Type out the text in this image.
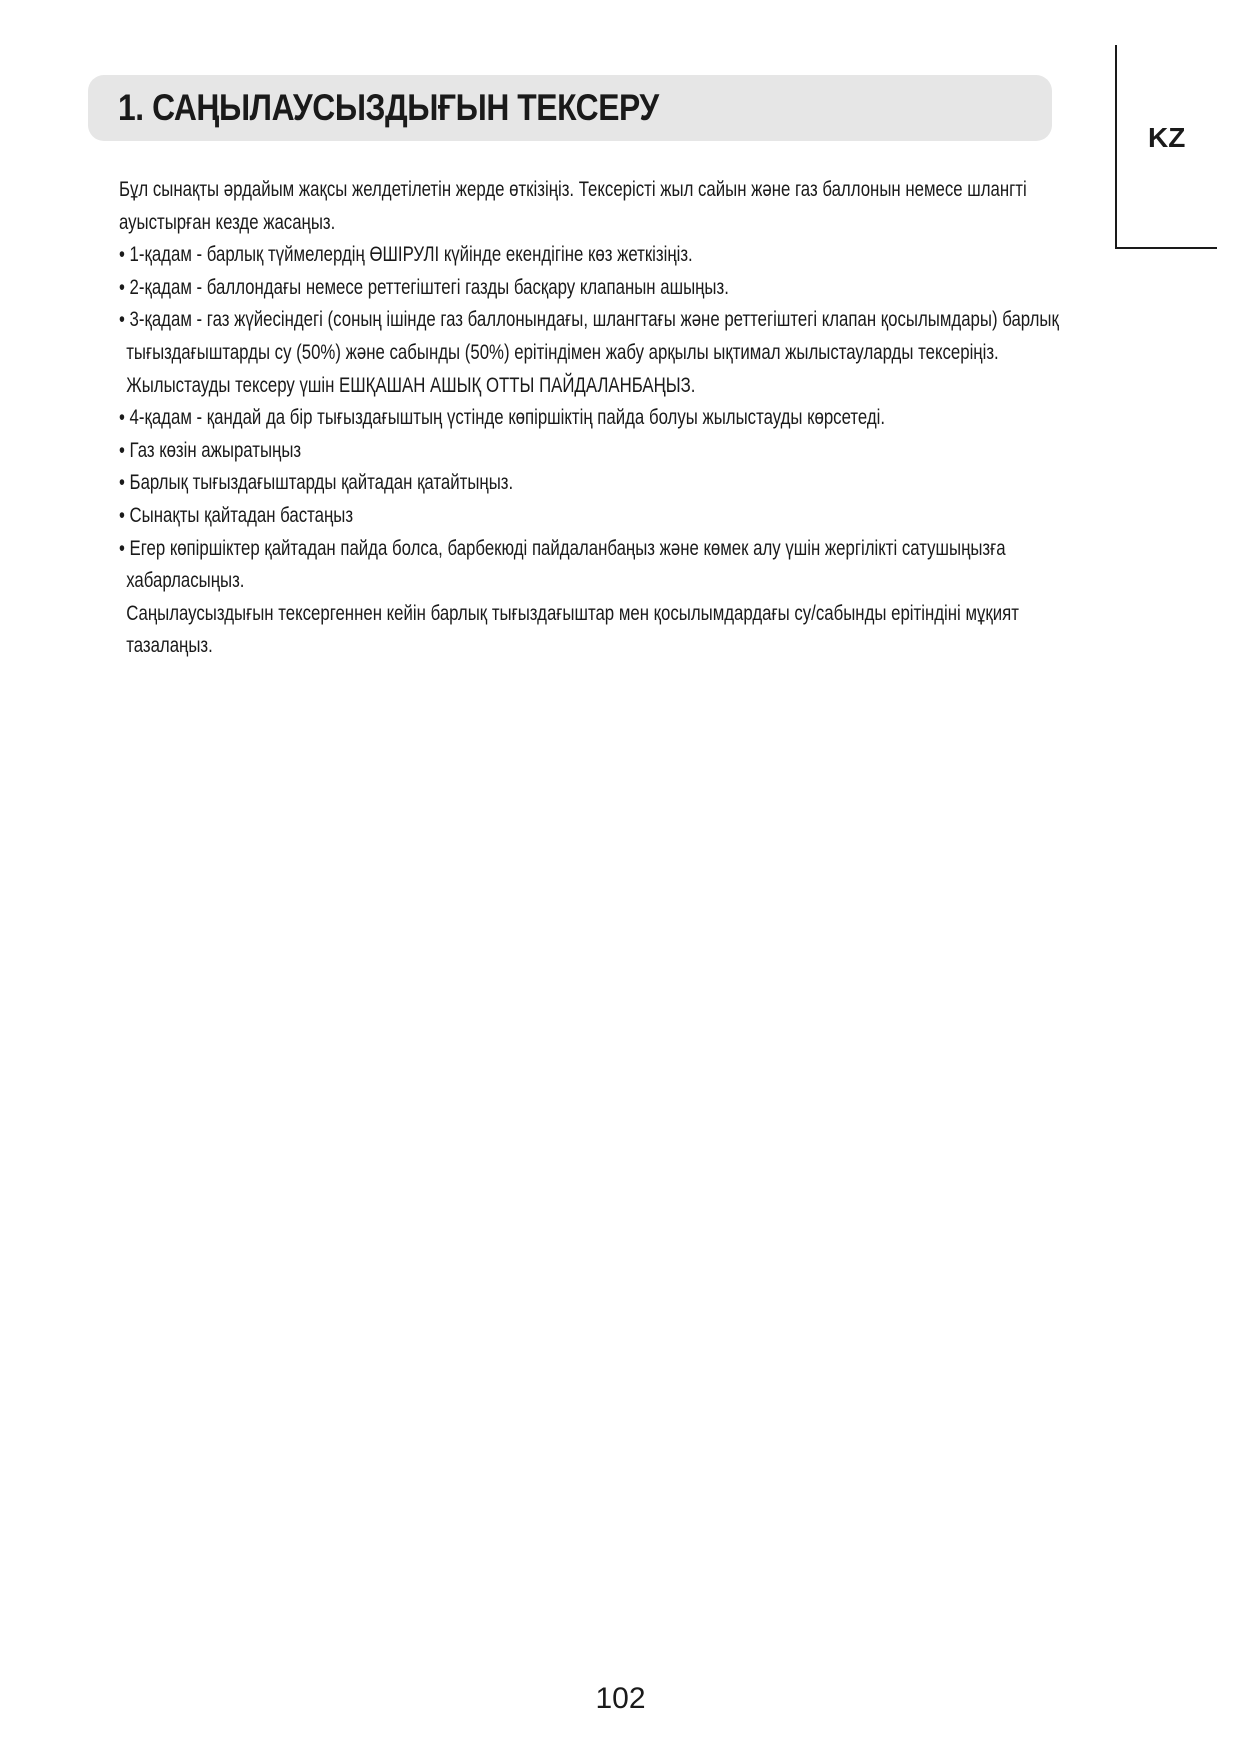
1. САҢЫЛАУСЫЗДЫҒЫН ТЕКСЕРУ
KZ

Бұл сынақты әрдайым жақсы желдетілетін жерде өткізіңіз. Тексерісті жыл сайын және газ баллонын немесе шлангті ауыстырған кезде жасаңыз.

• 1-қадам - барлық түймелердің ӨШІРУЛІ күйінде екендігіне көз жеткізіңіз.

• 2-қадам - баллондағы немесе реттегіштегі газды басқару клапанын ашыңыз.

• 3-қадам - газ жүйесіндегі (соның ішінде газ баллонындағы, шлангтағы және реттегіштегі клапан қосылымдары) барлық тығыздағыштарды су (50%) және сабынды (50%) ерітіндімен жабу арқылы ықтимал жылыстауларды тексеріңіз. Жылыстауды тексеру үшін ЕШҚАШАН АШЫҚ ОТТЫ ПАЙДАЛАНБАҢЫЗ.

• 4-қадам - қандай да бір тығыздағыштың үстінде көпіршіктің пайда болуы жылыстауды көрсетеді.

• Газ көзін ажыратыңыз

• Барлық тығыздағыштарды қайтадан қатайтыңыз.

• Сынақты қайтадан бастаңыз

• Егер көпіршіктер қайтадан пайда болса, барбекюді пайдаланбаңыз және көмек алу үшін жергілікті сатушыңызға хабарласыңыз.

Саңылаусыздығын тексергеннен кейін барлық тығыздағыштар мен қосылымдардағы су/сабынды ерітіндіні мұқият тазалаңыз.

102
